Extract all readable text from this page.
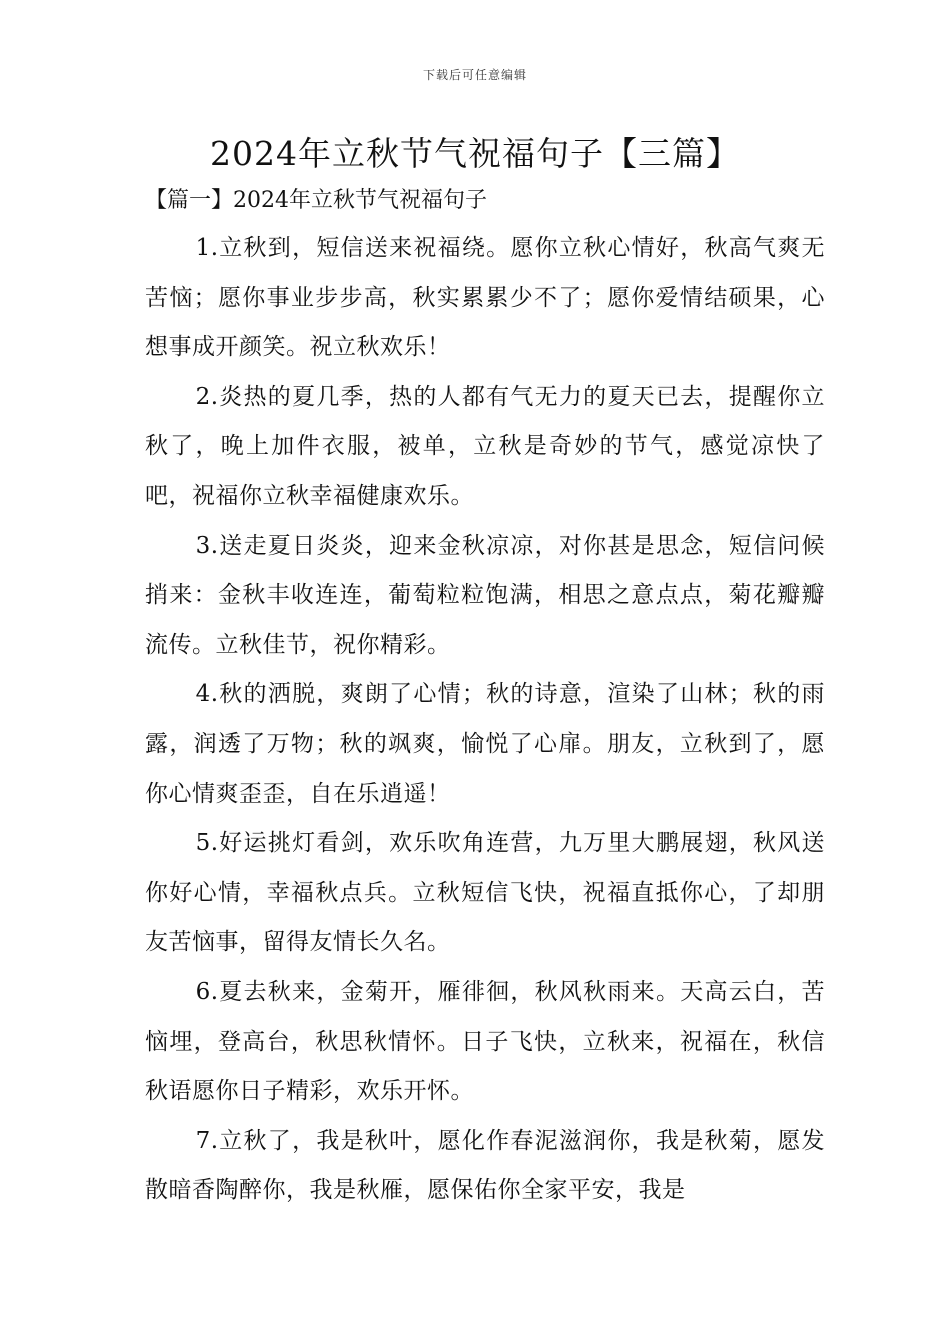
下载后可任意编辑
2024年立秋节气祝福句子【三篇】
【篇一】2024年立秋节气祝福句子

1.立秋到，短信送来祝福绕。愿你立秋心情好，秋高气爽无苦恼；愿你事业步步高，秋实累累少不了；愿你爱情结硕果，心想事成开颜笑。祝立秋欢乐！

2.炎热的夏几季，热的人都有气无力的夏天已去，提醒你立秋了，晚上加件衣服，被单，立秋是奇妙的节气，感觉凉快了吧，祝福你立秋幸福健康欢乐。

3.送走夏日炎炎，迎来金秋凉凉，对你甚是思念，短信问候捎来：金秋丰收连连，葡萄粒粒饱满，相思之意点点，菊花瓣瓣流传。立秋佳节，祝你精彩。

4.秋的洒脱，爽朗了心情；秋的诗意，渲染了山林；秋的雨露，润透了万物；秋的飒爽，愉悦了心扉。朋友，立秋到了，愿你心情爽歪歪，自在乐逍遥！

5.好运挑灯看剑，欢乐吹角连营，九万里大鹏展翅，秋风送你好心情，幸福秋点兵。立秋短信飞快，祝福直抵你心，了却朋友苦恼事，留得友情长久名。

6.夏去秋来，金菊开，雁徘徊，秋风秋雨来。天高云白，苦恼埋，登高台，秋思秋情怀。日子飞快，立秋来，祝福在，秋信秋语愿你日子精彩，欢乐开怀。

7.立秋了，我是秋叶，愿化作春泥滋润你，我是秋菊，愿发散暗香陶醉你，我是秋雁，愿保佑你全家平安，我是
